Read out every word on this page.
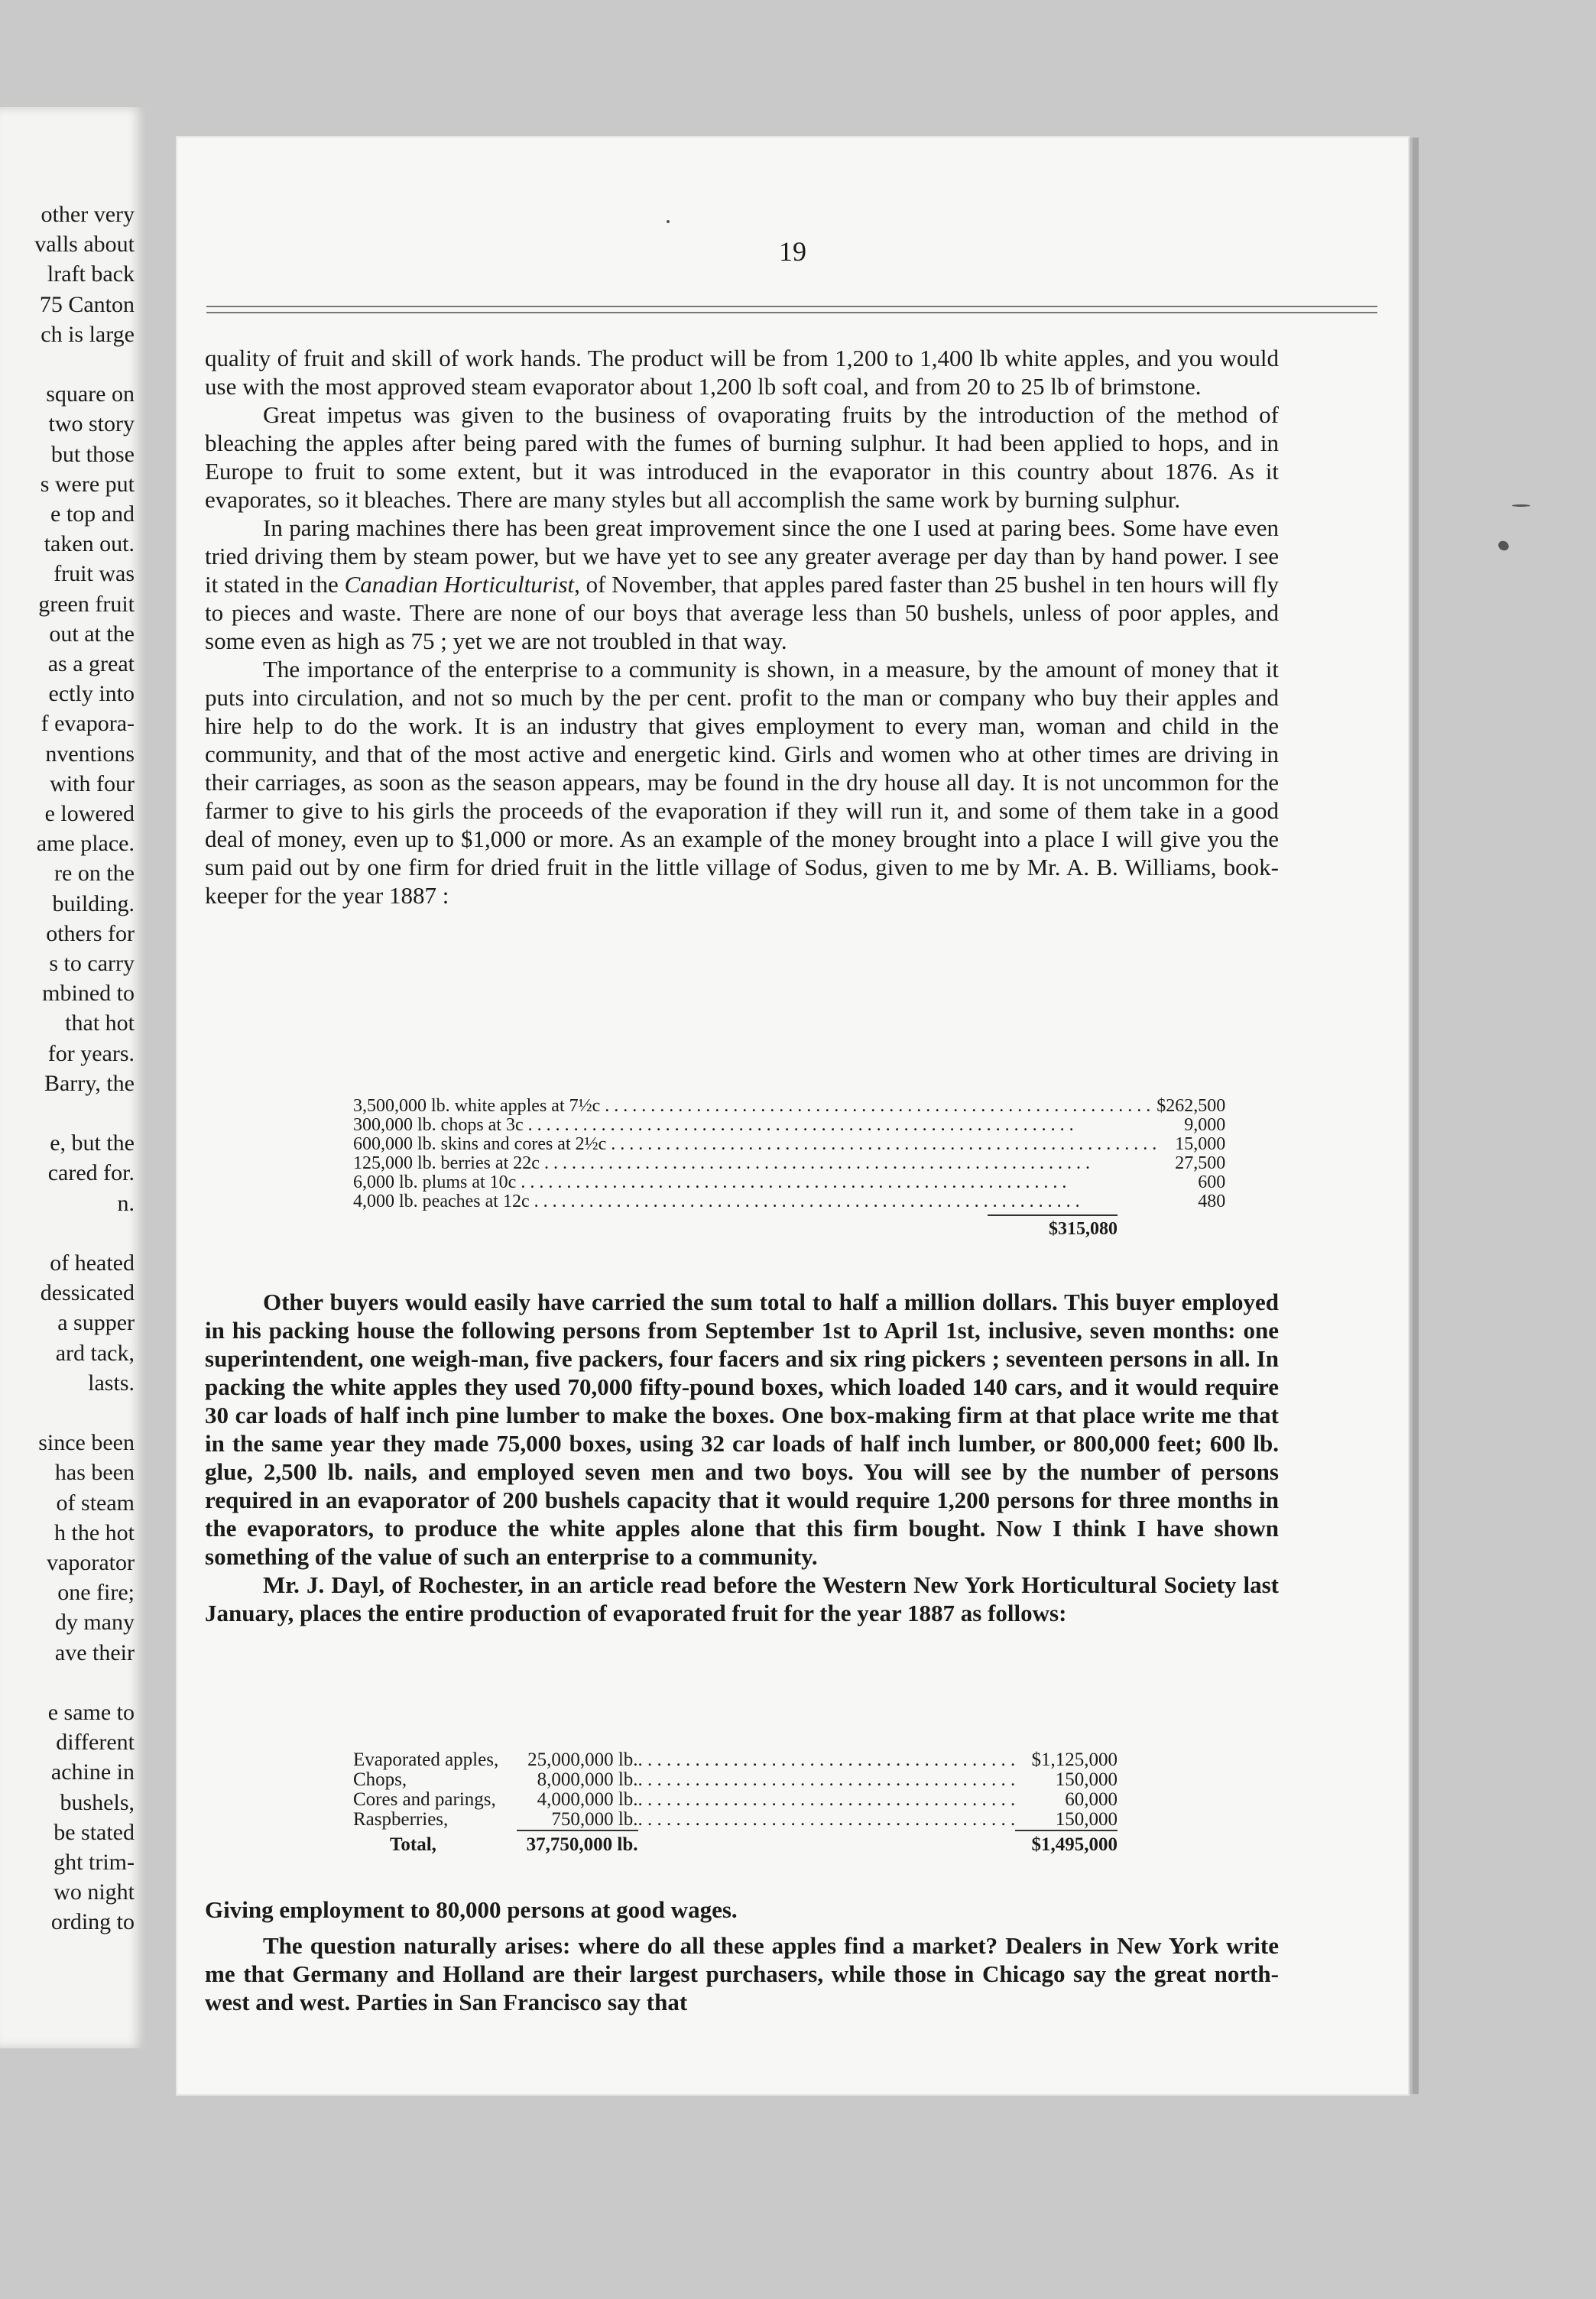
other very
valls about
lraft back
75 Canton
ch is large
square on
two story
but those
s were put
e top and
taken out.
fruit was
green fruit
out at the
as a great
ectly into
f evapora-
nventions
with four
e lowered
ame place.
re on the
building.
others for
s to carry
mbined to
that hot
for years.
Barry, the
e, but the
cared for.
n.
of heated
dessicated
a supper
ard tack,
lasts.
since been
has been
of steam
h the hot
vaporator
one fire;
dy many
ave their
e same to
different
achine in
bushels,
be stated
ght trim-
wo night
ording to
19

quality of fruit and skill of work hands. The product will be from 1,200 to 1,400 lb white apples, and you would use with the most approved steam evaporator about 1,200 lb soft coal, and from 20 to 25 lb of brimstone.

Great impetus was given to the business of ovaporating fruits by the introduction of the method of bleaching the apples after being pared with the fumes of burning sulphur. It had been applied to hops, and in Europe to fruit to some extent, but it was introduced in the evaporator in this country about 1876. As it evaporates, so it bleaches. There are many styles but all accomplish the same work by burning sulphur.

In paring machines there has been great improvement since the one I used at paring bees. Some have even tried driving them by steam power, but we have yet to see any greater average per day than by hand power. I see it stated in the Canadian Horticulturist, of November, that apples pared faster than 25 bushel in ten hours will fly to pieces and waste. There are none of our boys that average less than 50 bushels, unless of poor apples, and some even as high as 75 ; yet we are not troubled in that way.

The importance of the enterprise to a community is shown, in a measure, by the amount of money that it puts into circulation, and not so much by the per cent. profit to the man or company who buy their apples and hire help to do the work. It is an industry that gives employment to every man, woman and child in the community, and that of the most active and energetic kind. Girls and women who at other times are driving in their carriages, as soon as the season appears, may be found in the dry house all day. It is not uncommon for the farmer to give to his girls the proceeds of the evaporation if they will run it, and some of them take in a good deal of money, even up to $1,000 or more. As an example of the money brought into a place I will give you the sum paid out by one firm for dried fruit in the little village of Sodus, given to me by Mr. A. B. Williams, book-keeper for the year 1887 :

3,500,000 lb. white apples at 7½c . . . . . . . . . . . . . . . . . . . . . . . . . . . . . . . . . . . . . . . . . . . . . . . . . . . . . . . . . . . .	$262,500
300,000 lb. chops at 3c . . . . . . . . . . . . . . . . . . . . . . . . . . . . . . . . . . . . . . . . . . . . . . . . . . . . . . . . . . . .	9,000
600,000 lb. skins and cores at 2½c . . . . . . . . . . . . . . . . . . . . . . . . . . . . . . . . . . . . . . . . . . . . . . . . . . . . . . . . . . . .	15,000
125,000 lb. berries at 22c . . . . . . . . . . . . . . . . . . . . . . . . . . . . . . . . . . . . . . . . . . . . . . . . . . . . . . . . . . . .	27,500
6,000 lb. plums at 10c . . . . . . . . . . . . . . . . . . . . . . . . . . . . . . . . . . . . . . . . . . . . . . . . . . . . . . . . . . . .	600
4,000 lb. peaches at 12c . . . . . . . . . . . . . . . . . . . . . . . . . . . . . . . . . . . . . . . . . . . . . . . . . . . . . . . . . . . .	480
$315,080

Other buyers would easily have carried the sum total to half a million dollars. This buyer employed in his packing house the following persons from September 1st to April 1st, inclusive, seven months: one superintendent, one weigh-man, five packers, four facers and six ring pickers ; seventeen persons in all. In packing the white apples they used 70,000 fifty-pound boxes, which loaded 140 cars, and it would require 30 car loads of half inch pine lumber to make the boxes. One box-making firm at that place write me that in the same year they made 75,000 boxes, using 32 car loads of half inch lumber, or 800,000 feet; 600 lb. glue, 2,500 lb. nails, and employed seven men and two boys. You will see by the number of persons required in an evaporator of 200 bushels capacity that it would require 1,200 persons for three months in the evaporators, to produce the white apples alone that this firm bought. Now I think I have shown something of the value of such an enterprise to a community.

Mr. J. Dayl, of Rochester, in an article read before the Western New York Horticultural Society last January, places the entire production of evaporated fruit for the year 1887 as follows:

Evaporated apples,	25,000,000 lb.	. . . . . . . . . . . . . . . . . . . . . . . . . . . . . . . . . . . . . . . .	$1,125,000
Chops,	8,000,000 lb.	. . . . . . . . . . . . . . . . . . . . . . . . . . . . . . . . . . . . . . . .	150,000
Cores and parings,	4,000,000 lb.	. . . . . . . . . . . . . . . . . . . . . . . . . . . . . . . . . . . . . . . .	60,000
Raspberries,	750,000 lb.	. . . . . . . . . . . . . . . . . . . . . . . . . . . . . . . . . . . . . . . .	150,000

Total,	37,750,000 lb.		$1,495,000

Giving employment to 80,000 persons at good wages.

The question naturally arises: where do all these apples find a market? Dealers in New York write me that Germany and Holland are their largest purchasers, while those in Chicago say the great north-west and west. Parties in San Francisco say that
